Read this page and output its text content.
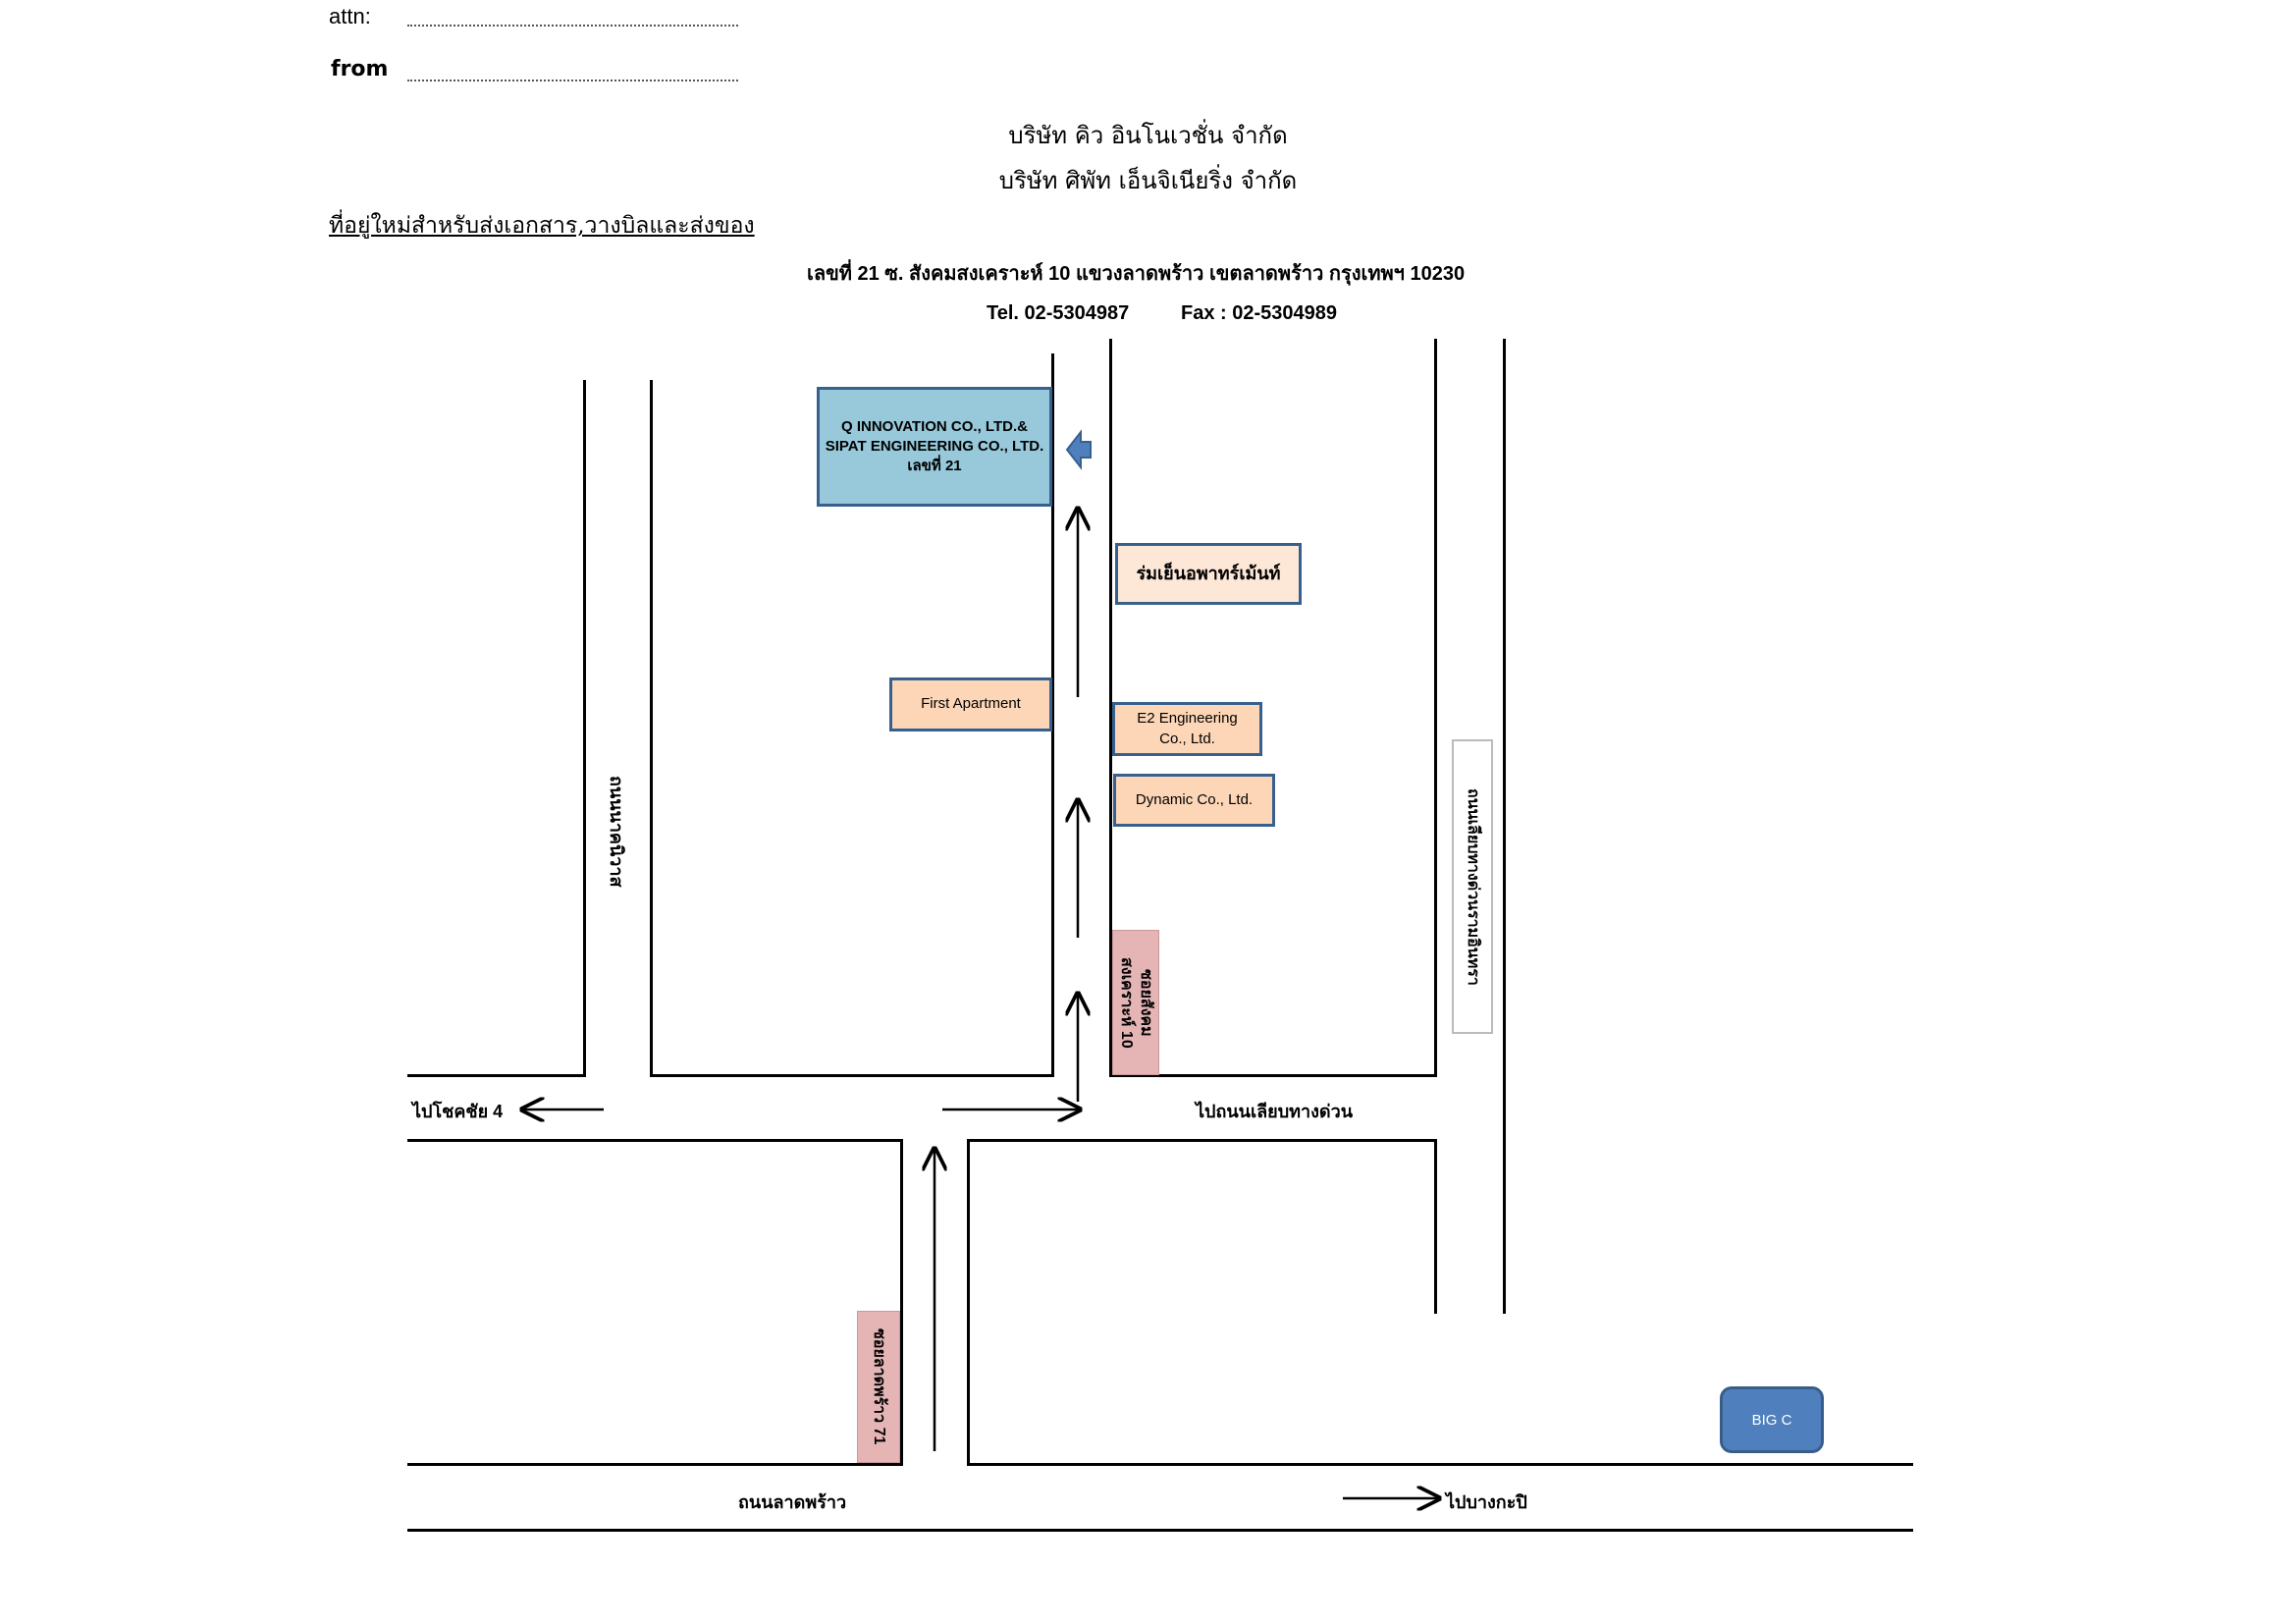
attn:
from
บริษัท คิว อินโนเวชั่น จำกัด
บริษัท ศิพัท เอ็นจิเนียริ่ง จำกัด
ที่อยู่ใหม่สำหรับส่งเอกสาร,วางบิลและส่งของ
เลขที่ 21 ซ. สังคมสงเคราะห์ 10 แขวงลาดพร้าว เขตลาดพร้าว กรุงเทพฯ 10230
Tel. 02-5304987	Fax : 02-5304989
Q INNOVATION CO., LTD.&
SIPAT ENGINEERING CO., LTD.
เลขที่ 21
ร่มเย็นอพาทร์เม้นท์
First Apartment
E2 Engineering
Co., Ltd.
Dynamic Co., Ltd.
ซอยสังคม
สงเคราะห์ 10
ถนนนาคนิวาส	ถนนเลียบทางด่วนรามอินทรา
ไปโชคชัย 4	ไปถนนเลียบทางด่วน
ซอยลาดพร้าว 71
ถนนลาดพร้าว	ไปบางกะปิ
BIG C
